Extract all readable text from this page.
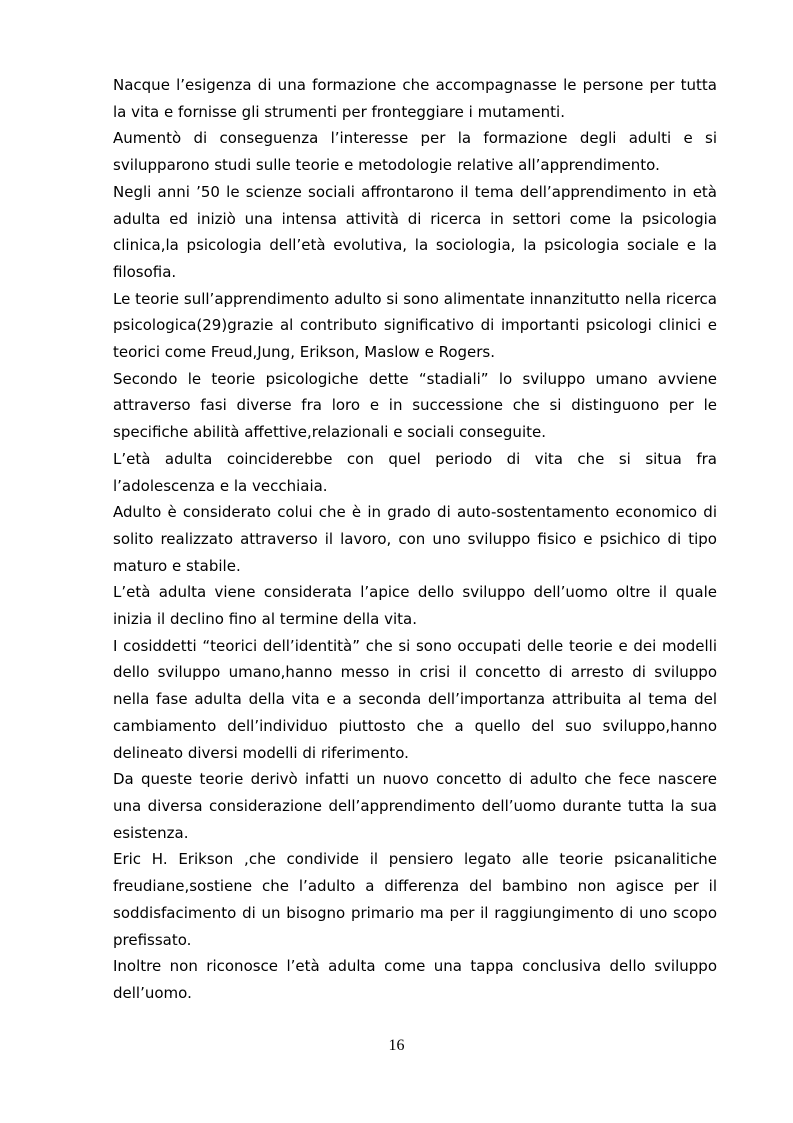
Nacque l’esigenza di una formazione che accompagnasse le persone per tutta la vita e fornisse gli strumenti per fronteggiare i mutamenti.

Aumentò di conseguenza l’interesse per la formazione degli adulti e si svilupparono studi sulle teorie e metodologie relative all’apprendimento.

Negli anni ’50 le scienze sociali affrontarono il tema dell’apprendimento in età adulta ed iniziò una intensa attività di ricerca in settori come la psicologia clinica,la psicologia dell’età evolutiva, la sociologia, la psicologia sociale e la filosofia.

Le teorie sull’apprendimento adulto si sono alimentate innanzitutto nella ricerca psicologica(29)grazie al contributo significativo di importanti psicologi clinici e teorici come Freud,Jung, Erikson, Maslow e Rogers.

Secondo le teorie psicologiche dette “stadiali” lo sviluppo umano avviene attraverso fasi diverse fra loro e in successione che si distinguono per le specifiche abilità affettive,relazionali e sociali conseguite.

L’età adulta coinciderebbe con quel periodo di vita che si situa fra l’adolescenza e la vecchiaia.

Adulto è considerato colui che è in grado di auto-sostentamento economico di solito realizzato attraverso il lavoro, con uno sviluppo fisico e psichico di tipo maturo e stabile.

L’età adulta viene considerata l’apice dello sviluppo dell’uomo oltre il quale inizia il declino fino al termine della vita.

I cosiddetti “teorici dell’identità” che si sono occupati delle teorie e dei modelli dello sviluppo umano,hanno messo in crisi il concetto di arresto di sviluppo nella fase adulta della vita e a seconda dell’importanza attribuita al tema del cambiamento dell’individuo piuttosto che a quello del suo sviluppo,hanno delineato diversi modelli di riferimento.

Da queste teorie derivò infatti un nuovo concetto di adulto che fece nascere una diversa considerazione dell’apprendimento dell’uomo durante tutta la sua esistenza.

Eric H. Erikson ,che condivide il pensiero legato alle teorie psicanalitiche freudiane,sostiene che l’adulto a differenza del bambino non agisce per il soddisfacimento di un bisogno primario ma per il raggiungimento di uno scopo prefissato.

Inoltre non riconosce l’età adulta come una tappa conclusiva dello sviluppo dell’uomo.

16
